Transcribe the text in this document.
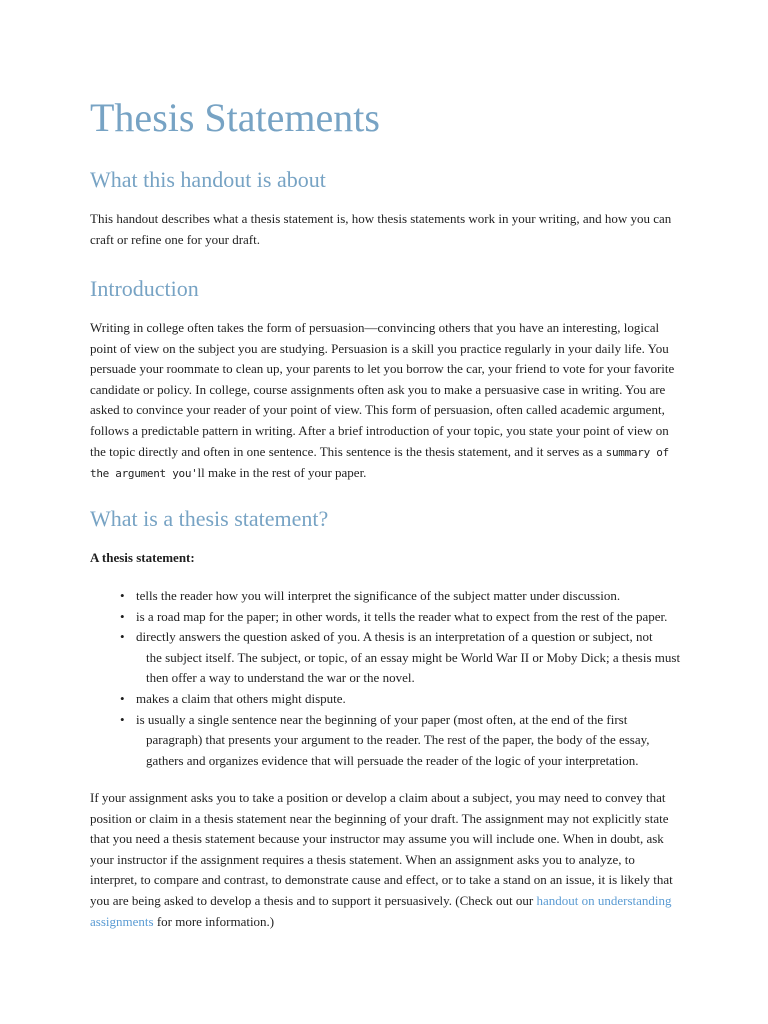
Thesis Statements
What this handout is about

This handout describes what a thesis statement is, how thesis statements work in your writing, and how you can craft or refine one for your draft.

Introduction

Writing in college often takes the form of persuasion—convincing others that you have an interesting, logical point of view on the subject you are studying. Persuasion is a skill you practice regularly in your daily life. You persuade your roommate to clean up, your parents to let you borrow the car, your friend to vote for your favorite candidate or policy. In college, course assignments often ask you to make a persuasive case in writing. You are asked to convince your reader of your point of view. This form of persuasion, often called academic argument, follows a predictable pattern in writing. After a brief introduction of your topic, you state your point of view on the topic directly and often in one sentence. This sentence is the thesis statement, and it serves as a summary of the argument you'll make in the rest of your paper.

What is a thesis statement?

A thesis statement:

• tells the reader how you will interpret the significance of the subject matter under discussion.
• is a road map for the paper; in other words, it tells the reader what to expect from the rest of the paper.
• directly answers the question asked of you. A thesis is an interpretation of a question or subject, not
the subject itself. The subject, or topic, of an essay might be World War II or Moby Dick; a thesis must then offer a way to understand the war or the novel.
• makes a claim that others might dispute.
• is usually a single sentence near the beginning of your paper (most often, at the end of the first
paragraph) that presents your argument to the reader. The rest of the paper, the body of the essay, gathers and organizes evidence that will persuade the reader of the logic of your interpretation.

If your assignment asks you to take a position or develop a claim about a subject, you may need to convey that position or claim in a thesis statement near the beginning of your draft. The assignment may not explicitly state that you need a thesis statement because your instructor may assume you will include one. When in doubt, ask your instructor if the assignment requires a thesis statement. When an assignment asks you to analyze, to interpret, to compare and contrast, to demonstrate cause and effect, or to take a stand on an issue, it is likely that you are being asked to develop a thesis and to support it persuasively. (Check out our handout on understanding assignments for more information.)
